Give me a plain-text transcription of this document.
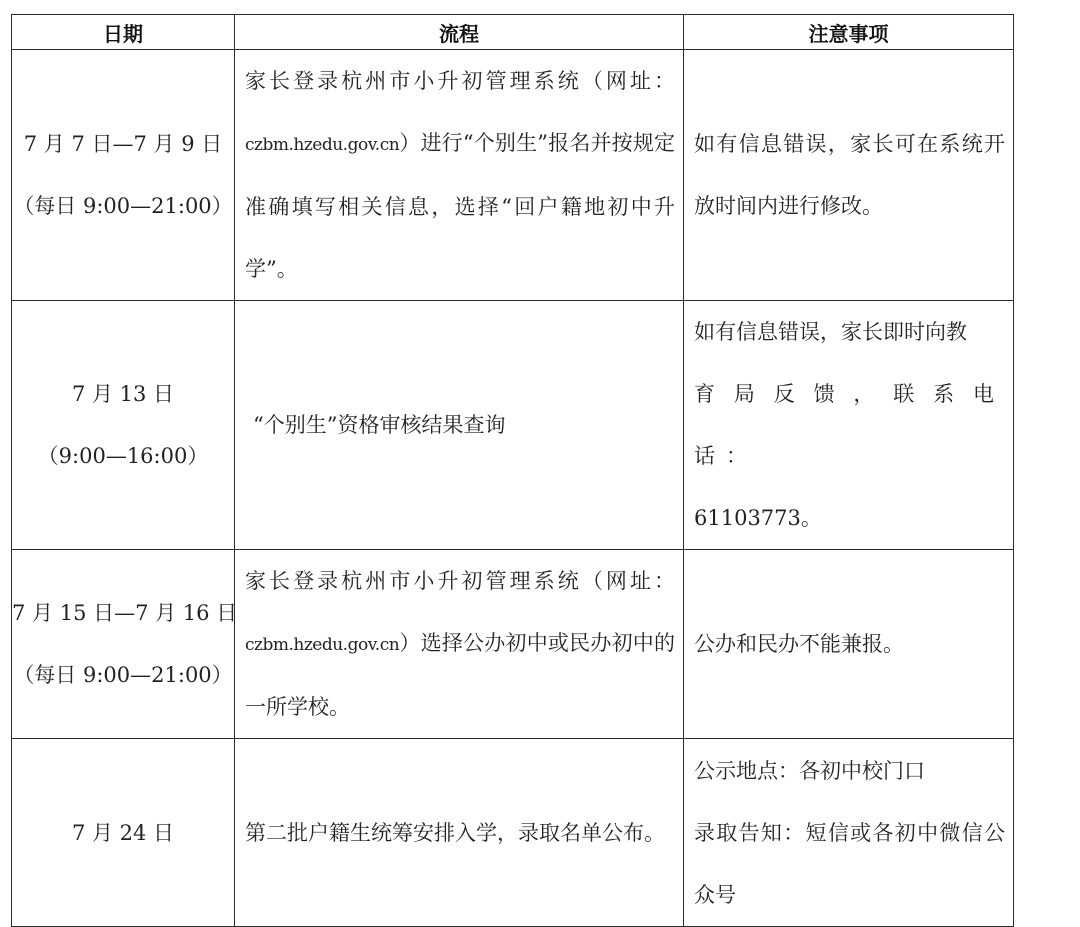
日期	流程	注意事项

7 月 7 日—7 月 9 日
（每日 9:00—21:00）	家长登录杭州市小升初管理系统（网址：czbm.hzedu.gov.cn）进行“个别生”报名并按规定准确填写相关信息，选择“回户籍地初中升学”。	如有信息错误，家长可在系统开放时间内进行修改。

7 月 13 日
（9:00—16:00）	“个别生”资格审核结果查询	如有信息错误，家长即时向教
育局反馈，联系电话：
61103773。

7 月 15 日—7 月 16 日
（每日 9:00—21:00）	家长登录杭州市小升初管理系统（网址：czbm.hzedu.gov.cn）选择公办初中或民办初中的一所学校。	公办和民办不能兼报。

7 月 24 日	第二批户籍生统筹安排入学，录取名单公布。	公示地点：各初中校门口
录取告知：短信或各初中微信公众号
